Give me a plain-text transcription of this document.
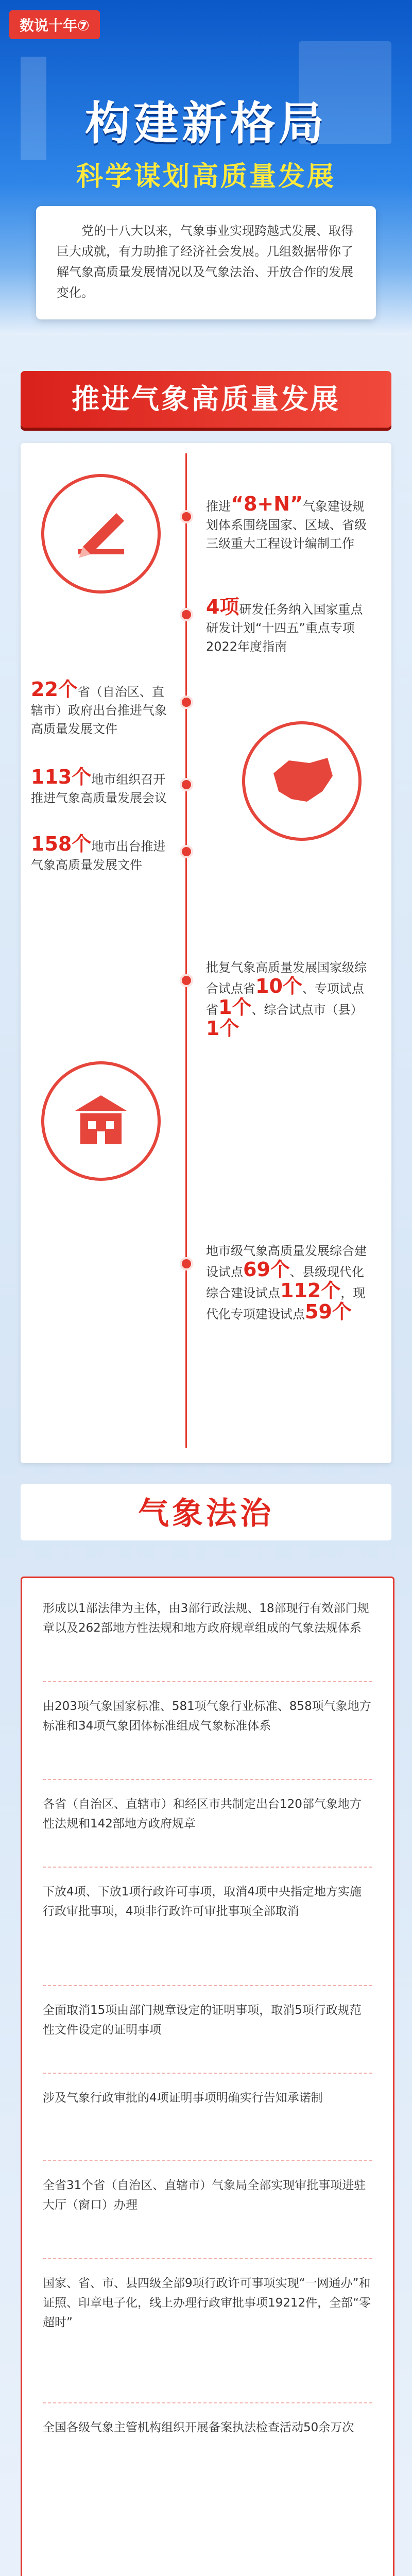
数说十年⑦
构建新格局
科学谋划高质量发展
党的十八大以来，气象事业实现跨越式发展、取得巨大成就，有力助推了经济社会发展。几组数据带你了解气象高质量发展情况以及气象法治、开放合作的发展变化。
推进气象高质量发展
推进“8+N”气象建设规划体系围绕国家、区域、省级三级重大工程设计编制工作
4项研发任务纳入国家重点研发计划“十四五”重点专项2022年度指南
22个省（自治区、直辖市）政府出台推进气象高质量发展文件
113个地市组织召开推进气象高质量发展会议
158个地市出台推进气象高质量发展文件
批复气象高质量发展国家级综合试点省10个、专项试点省1个、综合试点市（县）1个
地市级气象高质量发展综合建设试点69个、县级现代化综合建设试点112个，现代化专项建设试点59个
气象法治
形成以1部法律为主体，由3部行政法规、18部现行有效部门规章以及262部地方性法规和地方政府规章组成的气象法规体系
由203项气象国家标准、581项气象行业标准、858项气象地方标准和34项气象团体标准组成气象标准体系
各省（自治区、直辖市）和经区市共制定出台120部气象地方性法规和142部地方政府规章
下放4项、下放1项行政许可事项，取消4项中央指定地方实施行政审批事项，4项非行政许可审批事项全部取消
全面取消15项由部门规章设定的证明事项，取消5项行政规范性文件设定的证明事项
涉及气象行政审批的4项证明事项明确实行告知承诺制
全省31个省（自治区、直辖市）气象局全部实现审批事项进驻大厅（窗口）办理
国家、省、市、县四级全部9项行政许可事项实现“一网通办”和证照、印章电子化，线上办理行政审批事项19212件，全部“零超时”
全国各级气象主管机构组织开展备案执法检查活动50余万次
